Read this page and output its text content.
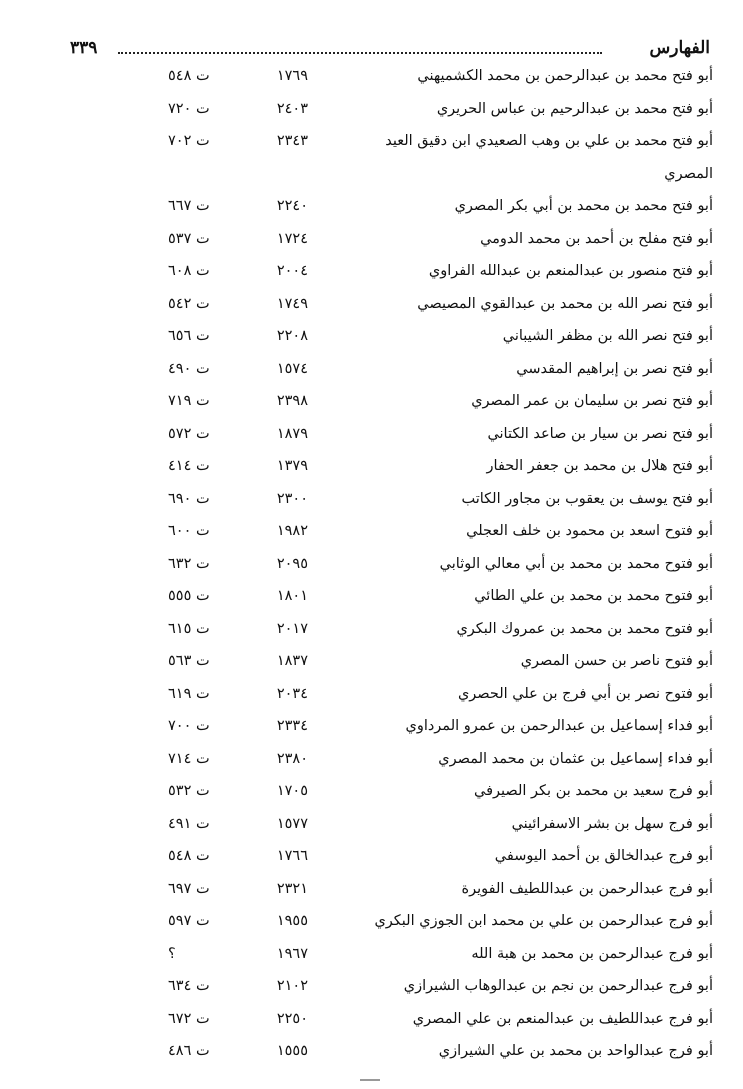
الفهارس
٣٣٩
أبو فتح محمد بن عبدالرحمن بن محمد الكشميهني
١٧٦٩
ت ٥٤٨
أبو فتح محمد بن عبدالرحيم بن عباس الحريري
٢٤٠٣
ت ٧٢٠
أبو فتح محمد بن علي بن وهب الصعيدي ابن دقيق العيد
٢٣٤٣
ت ٧٠٢
المصري
أبو فتح محمد بن محمد بن أبي بكر المصري
٢٢٤٠
ت ٦٦٧
أبو فتح مفلح بن أحمد بن محمد الدومي
١٧٢٤
ت ٥٣٧
أبو فتح منصور بن عبدالمنعم بن عبدالله الفراوي
٢٠٠٤
ت ٦٠٨
أبو فتح نصر الله بن محمد بن عبدالقوي المصيصي
١٧٤٩
ت ٥٤٢
أبو فتح نصر الله بن مظفر الشيباني
٢٢٠٨
ت ٦٥٦
أبو فتح نصر بن إبراهيم المقدسي
١٥٧٤
ت ٤٩٠
أبو فتح نصر بن سليمان بن عمر المصري
٢٣٩٨
ت ٧١٩
أبو فتح نصر بن سيار بن صاعد الكتاني
١٨٧٩
ت ٥٧٢
أبو فتح هلال بن محمد بن جعفر الحفار
١٣٧٩
ت ٤١٤
أبو فتح يوسف بن يعقوب بن مجاور الكاتب
٢٣٠٠
ت ٦٩٠
أبو فتوح اسعد بن محمود بن خلف العجلي
١٩٨٢
ت ٦٠٠
أبو فتوح محمد بن محمد بن أبي معالي الوثابي
٢٠٩٥
ت ٦٣٢
أبو فتوح محمد بن محمد بن علي الطائي
١٨٠١
ت ٥٥٥
أبو فتوح محمد بن محمد بن عمروك البكري
٢٠١٧
ت ٦١٥
أبو فتوح ناصر بن حسن المصري
١٨٣٧
ت ٥٦٣
أبو فتوح نصر بن أبي فرج بن علي الحصري
٢٠٣٤
ت ٦١٩
أبو فداء إسماعيل بن عبدالرحمن بن عمرو المرداوي
٢٣٣٤
ت ٧٠٠
أبو فداء إسماعيل بن عثمان بن محمد المصري
٢٣٨٠
ت ٧١٤
أبو فرج سعيد بن محمد بن بكر الصيرفي
١٧٠٥
ت ٥٣٢
أبو فرج سهل بن بشر الاسفرائيني
١٥٧٧
ت ٤٩١
أبو فرج عبدالخالق بن أحمد اليوسفي
١٧٦٦
ت ٥٤٨
أبو فرج عبدالرحمن بن عبداللطيف الفويرة
٢٣٢١
ت ٦٩٧
أبو فرج عبدالرحمن بن علي بن محمد ابن الجوزي البكري
١٩٥٥
ت ٥٩٧
أبو فرج عبدالرحمن بن محمد بن هبة الله
١٩٦٧
؟
أبو فرج عبدالرحمن بن نجم بن عبدالوهاب الشيرازي
٢١٠٢
ت ٦٣٤
أبو فرج عبداللطيف بن عبدالمنعم بن علي المصري
٢٢٥٠
ت ٦٧٢
أبو فرج عبدالواحد بن محمد بن علي الشيرازي
١٥٥٥
ت ٤٨٦
